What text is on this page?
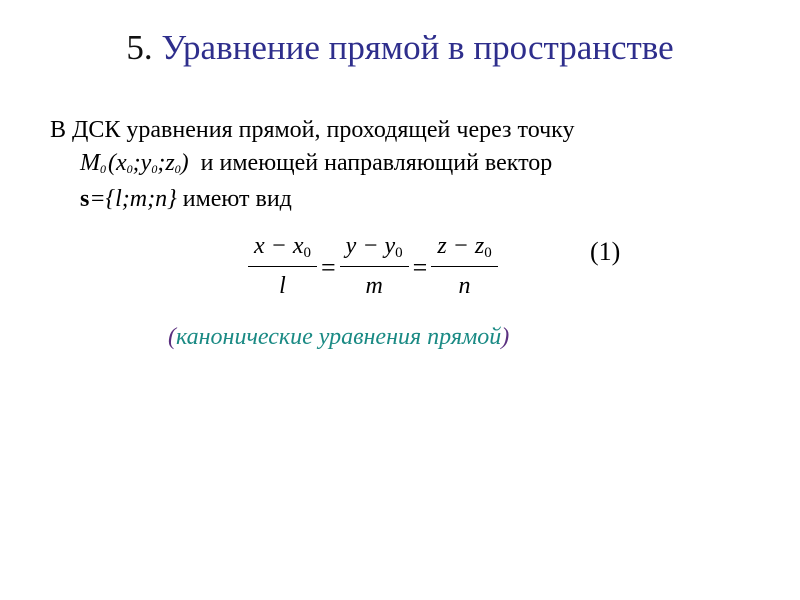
5. Уравнение прямой в пространстве
В ДСК уравнения прямой, проходящей через точку
$M_0$ $(x_0;y_0;z_0)$  и имеющей направляющий вектор
s={l;m;n} имеют вид
$\frac{x - x_0}{l} = \frac{y - y_0}{m} = \frac{z - z_0}{n}$	(1)
(канонические уравнения прямой)
